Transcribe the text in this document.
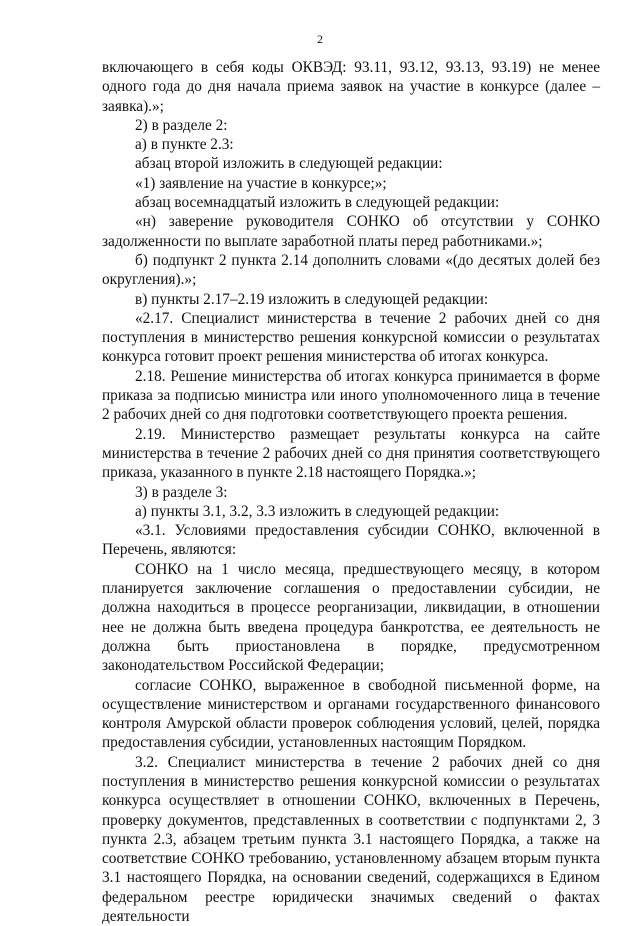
2

включающего в себя коды ОКВЭД: 93.11, 93.12, 93.13, 93.19) не менее одного года до дня начала приема заявок на участие в конкурсе (далее – заявка).»;

2) в разделе 2:

а) в пункте 2.3:

абзац второй изложить в следующей редакции:

«1) заявление на участие в конкурсе;»;

абзац восемнадцатый изложить в следующей редакции:

«н) заверение руководителя СОНКО об отсутствии у СОНКО задолженности по выплате заработной платы перед работниками.»;

б) подпункт 2 пункта 2.14 дополнить словами «(до десятых долей без округления).»;

в) пункты 2.17–2.19 изложить в следующей редакции:

«2.17. Специалист министерства в течение 2 рабочих дней со дня поступления в министерство решения конкурсной комиссии о результатах конкурса готовит проект решения министерства об итогах конкурса.

2.18. Решение министерства об итогах конкурса принимается в форме приказа за подписью министра или иного уполномоченного лица в течение 2 рабочих дней со дня подготовки соответствующего проекта решения.

2.19. Министерство размещает результаты конкурса на сайте министерства в течение 2 рабочих дней со дня принятия соответствующего приказа, указанного в пункте 2.18 настоящего Порядка.»;

3) в разделе 3:

а) пункты 3.1, 3.2, 3.3 изложить в следующей редакции:

«3.1. Условиями предоставления субсидии СОНКО, включенной в Перечень, являются:

СОНКО на 1 число месяца, предшествующего месяцу, в котором планируется заключение соглашения о предоставлении субсидии, не должна находиться в процессе реорганизации, ликвидации, в отношении нее не должна быть введена процедура банкротства, ее деятельность не должна быть приостановлена в порядке, предусмотренном законодательством Российской Федерации;

согласие СОНКО, выраженное в свободной письменной форме, на осуществление министерством и органами государственного финансового контроля Амурской области проверок соблюдения условий, целей, порядка предоставления субсидии, установленных настоящим Порядком.

3.2. Специалист министерства в течение 2 рабочих дней со дня поступления в министерство решения конкурсной комиссии о результатах конкурса осуществляет в отношении СОНКО, включенных в Перечень, проверку документов, представленных в соответствии с подпунктами 2, 3 пункта 2.3, абзацем третьим пункта 3.1 настоящего Порядка, а также на соответствие СОНКО требованию, установленному абзацем вторым пункта 3.1 настоящего Порядка, на основании сведений, содержащихся в Едином федеральном реестре юридически значимых сведений о фактах деятельности
